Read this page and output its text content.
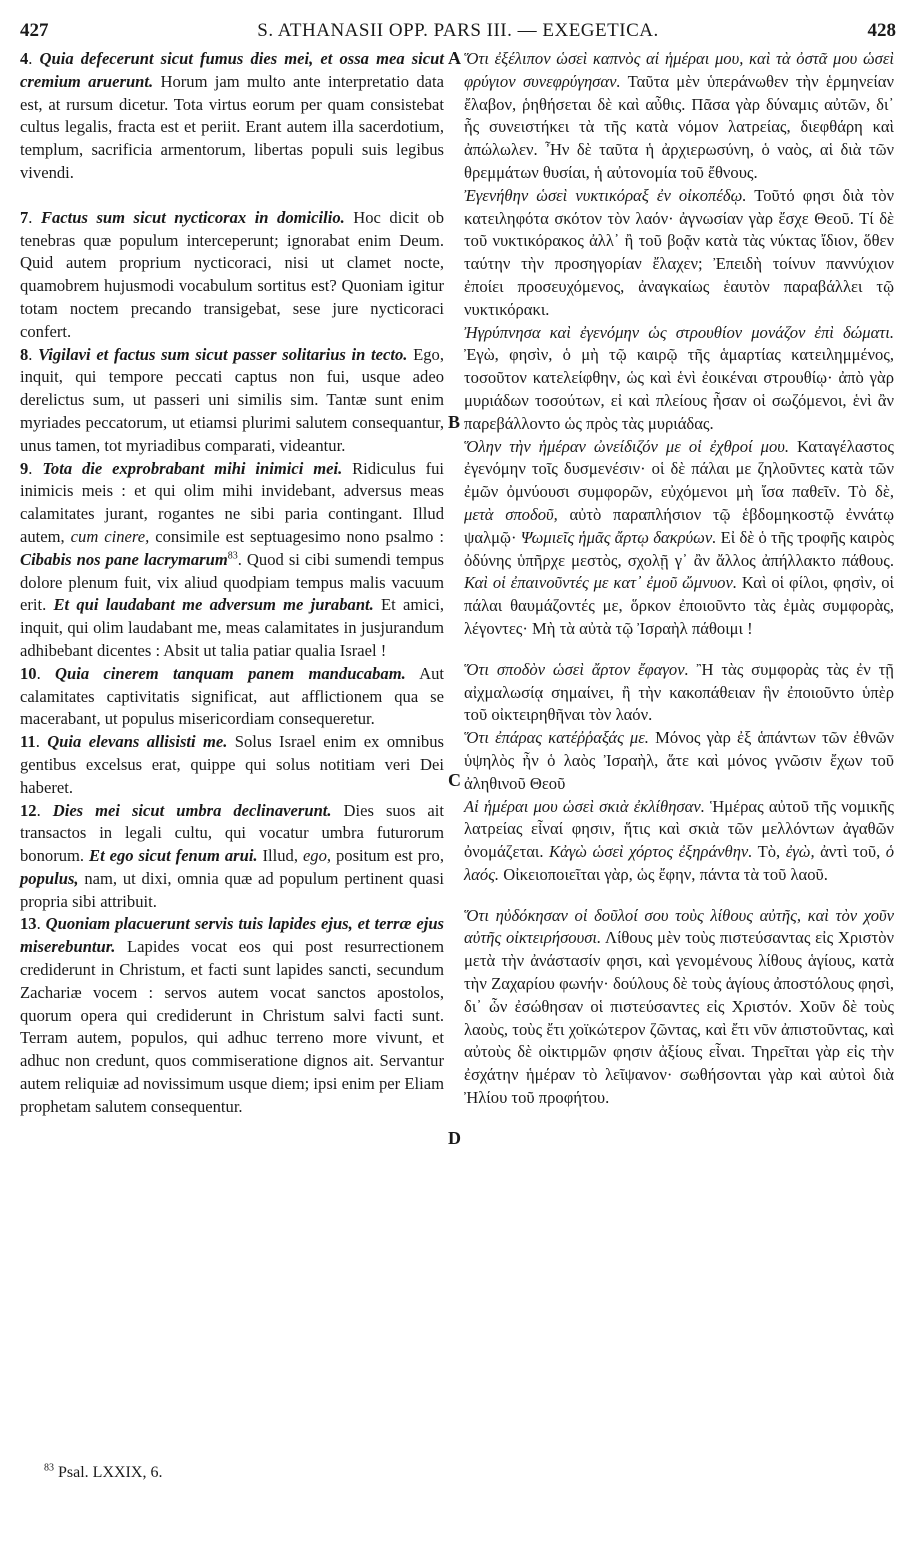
427	S. ATHANASII OPP. PARS III. — EXEGETICA.	428
A
B
C
D

4. Quia defecerunt sicut fumus dies mei, et ossa mea sicut cremium aruerunt. Horum jam multo ante interpretatio data est, at rursum dicetur. Tota virtus eorum per quam consistebat cultus legalis, fracta est et periit. Erant autem illa sacerdotium, templum, sacrificia armentorum, libertas populi suis legibus vivendi.

7. Factus sum sicut nycticorax in domicilio. Hoc dicit ob tenebras quæ populum interceperunt; ignorabat enim Deum. Quid autem proprium nycticoraci, nisi ut clamet nocte, quamobrem hujusmodi vocabulum sortitus est? Quoniam igitur totam noctem precando transigebat, sese jure nycticoraci confert.

8. Vigilavi et factus sum sicut passer solitarius in tecto. Ego, inquit, qui tempore peccati captus non fui, usque adeo derelictus sum, ut passeri uni similis sim. Tantæ sunt enim myriades peccatorum, ut etiamsi plurimi salutem consequantur, unus tamen, tot myriadibus comparati, videantur.

9. Tota die exprobrabant mihi inimici mei. Ridiculus fui inimicis meis : et qui olim mihi invidebant, adversus meas calamitates jurant, rogantes ne sibi paria contingant. Illud autem, cum cinere, consimile est septuagesimo nono psalmo : Cibabis nos pane lacrymarum$^{83}$. Quod si cibi sumendi tempus dolore plenum fuit, vix aliud quodpiam tempus malis vacuum erit. Et qui laudabant me adversum me jurabant. Et amici, inquit, qui olim laudabant me, meas calamitates in jusjurandum adhibebant dicentes : Absit ut talia patiar qualia Israel !

10. Quia cinerem tanquam panem manducabam. Aut calamitates captivitatis significat, aut afflictionem qua se macerabant, ut populus misericordiam consequeretur.

11. Quia elevans allisisti me. Solus Israel enim ex omnibus gentibus excelsus erat, quippe qui solus notitiam veri Dei haberet.

12. Dies mei sicut umbra declinaverunt. Dies suos ait transactos in legali cultu, qui vocatur umbra futurorum bonorum. Et ego sicut fenum arui. Illud, ego, positum est pro, populus, nam, ut dixi, omnia quæ ad populum pertinent quasi propria sibi attribuit.

13. Quoniam placuerunt servis tuis lapides ejus, et terræ ejus miserebuntur. Lapides vocat eos qui post resurrectionem crediderunt in Christum, et facti sunt lapides sancti, secundum Zachariæ vocem : servos autem vocat sanctos apostolos, quorum opera qui crediderunt in Christum salvi facti sunt. Terram autem, populos, qui adhuc terreno more vivunt, et adhuc non credunt, quos commiseratione dignos ait. Servantur autem reliquiæ ad novissimum usque diem; ipsi enim per Eliam prophetam salutem consequentur.

Ὅτι ἐξέλιπον ὡσεὶ καπνὸς αἱ ἡμέραι μου, καὶ τὰ ὀστᾶ μου ὡσεὶ φρύγιον συνεφρύγησαν. Ταῦτα μὲν ὑπεράνωθεν τὴν ἑρμηνείαν ἔλαβον, ῥηθήσεται δὲ καὶ αὖθις. Πᾶσα γὰρ δύναμις αὐτῶν, δι᾽ ἧς συνειστήκει τὰ τῆς κατὰ νόμον λατρείας, διεφθάρη καὶ ἀπώλωλεν. Ἦν δὲ ταῦτα ἡ ἀρχιερωσύνη, ὁ ναὸς, αἱ διὰ τῶν θρεμμάτων θυσίαι, ἡ αὐτονομία τοῦ ἔθνους.

Ἐγενήθην ὡσεὶ νυκτικόραξ ἐν οἰκοπέδῳ. Τοῦτό φησι διὰ τὸν κατειληφότα σκότον τὸν λαόν· ἀγνωσίαν γὰρ ἔσχε Θεοῦ. Τί δὲ τοῦ νυκτικόρακος ἀλλ᾽ ἢ τοῦ βοᾷν κατὰ τὰς νύκτας ἴδιον, ὅθεν ταύτην τὴν προσηγορίαν ἔλαχεν; Ἐπειδὴ τοίνυν παννύχιον ἐποίει προσευχόμενος, ἀναγκαίως ἑαυτὸν παραβάλλει τῷ νυκτικόρακι.

Ἠγρύπνησα καὶ ἐγενόμην ὡς στρουθίον μονάζον ἐπὶ δώματι. Ἐγὼ, φησὶν, ὁ μὴ τῷ καιρῷ τῆς ἁμαρτίας κατειλημμένος, τοσοῦτον κατελείφθην, ὡς καὶ ἑνὶ ἐοικέναι στρουθίῳ· ἀπὸ γὰρ μυριάδων τοσούτων, εἰ καὶ πλείους ἦσαν οἱ σωζόμενοι, ἑνὶ ἂν παρεβάλλοντο ὡς πρὸς τὰς μυριάδας.

Ὅλην τὴν ἡμέραν ὠνείδιζόν με οἱ ἐχθροί μου. Καταγέλαστος ἐγενόμην τοῖς δυσμενέσιν· οἱ δὲ πάλαι με ζηλοῦντες κατὰ τῶν ἐμῶν ὀμνύουσι συμφορῶν, εὐχόμενοι μὴ ἴσα παθεῖν. Τὸ δὲ, μετὰ σποδοῦ, αὐτὸ παραπλήσιον τῷ ἑβδομηκοστῷ ἐννάτῳ ψαλμῷ· Ψωμιεῖς ἡμᾶς ἄρτῳ δακρύων. Εἰ δὲ ὁ τῆς τροφῆς καιρὸς ὀδύνης ὑπῆρχε μεστὸς, σχολῇ γ᾽ ἂν ἄλλος ἀπήλλακτο πάθους. Καὶ οἱ ἐπαινοῦντές με κατ᾽ ἐμοῦ ὤμνυον. Καὶ οἱ φίλοι, φησὶν, οἱ πάλαι θαυμάζοντές με, ὅρκον ἐποιοῦντο τὰς ἐμὰς συμφορὰς, λέγοντες· Μὴ τὰ αὐτὰ τῷ Ἰσραὴλ πάθοιμι !

Ὅτι σποδὸν ὡσεὶ ἄρτον ἔφαγον. Ἢ τὰς συμφορὰς τὰς ἐν τῇ αἰχμαλωσίᾳ σημαίνει, ἢ τὴν κακοπάθειαν ἣν ἐποιοῦντο ὑπὲρ τοῦ οἰκτειρηθῆναι τὸν λαόν.

Ὅτι ἐπάρας κατέῤῥαξάς με. Μόνος γὰρ ἐξ ἁπάντων τῶν ἐθνῶν ὑψηλὸς ἦν ὁ λαὸς Ἰσραὴλ, ἅτε καὶ μόνος γνῶσιν ἔχων τοῦ ἀληθινοῦ Θεοῦ

Αἱ ἡμέραι μου ὡσεὶ σκιὰ ἐκλίθησαν. Ἡμέρας αὐτοῦ τῆς νομικῆς λατρείας εἶναί φησιν, ἥτις καὶ σκιὰ τῶν μελλόντων ἀγαθῶν ὀνομάζεται. Κἀγὼ ὡσεὶ χόρτος ἐξηράνθην. Τὸ, ἐγὼ, ἀντὶ τοῦ, ὁ λαός. Οἰκειοποιεῖται γὰρ, ὡς ἔφην, πάντα τὰ τοῦ λαοῦ.

Ὅτι ηὐδόκησαν οἱ δοῦλοί σου τοὺς λίθους αὐτῆς, καὶ τὸν χοῦν αὐτῆς οἰκτειρήσουσι. Λίθους μὲν τοὺς πιστεύσαντας εἰς Χριστὸν μετὰ τὴν ἀνάστασίν φησι, καὶ γενομένους λίθους ἁγίους, κατὰ τὴν Ζαχαρίου φωνήν· δούλους δὲ τοὺς ἁγίους ἀποστόλους φησὶ, δι᾽ ὧν ἐσώθησαν οἱ πιστεύσαντες εἰς Χριστόν. Χοῦν δὲ τοὺς λαοὺς, τοὺς ἔτι χοϊκώτερον ζῶντας, καὶ ἔτι νῦν ἀπιστοῦντας, καὶ αὐτοὺς δὲ οἰκτιρμῶν φησιν ἀξίους εἶναι. Τηρεῖται γὰρ εἰς τὴν ἐσχάτην ἡμέραν τὸ λεῖψανον· σωθήσονται γὰρ καὶ αὐτοὶ διὰ Ἠλίου τοῦ προφήτου.

$^{83}$ Psal. LXXIX, 6.
